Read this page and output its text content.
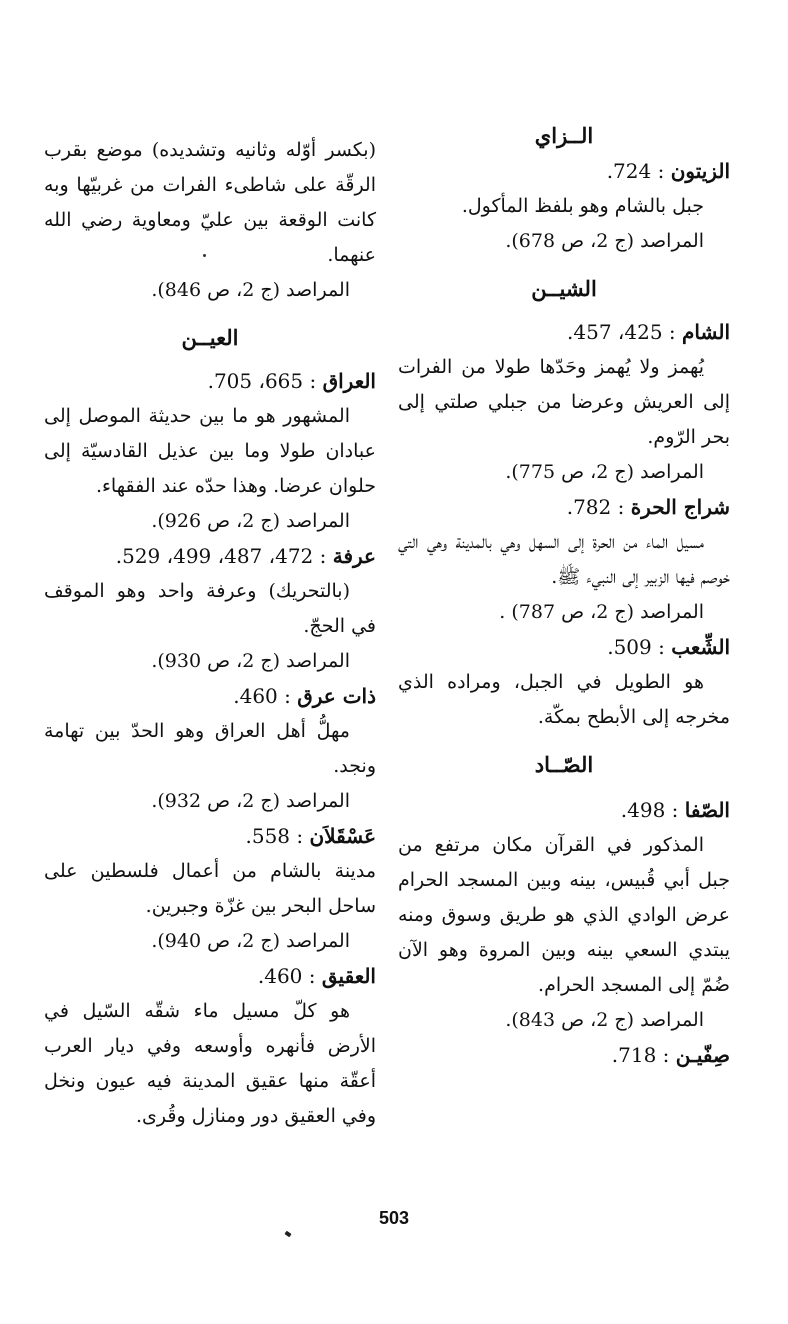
الــزاي
الزيتون : 724.

جبل بالشام وهو بلفظ المأكول.

المراصد (ج 2، ص 678).
الشيــن
الشام : 425، 457.

يُهمز ولا يُهمز وحَدّها طولا من الفرات إلى العريش وعرضا من جبلي صلتي إلى بحر الرّوم.

المراصد (ج 2، ص 775).
شراج الحرة : 782.

مسيل الماء من الحرة إلى السهل وهي بالمدينة وهي التي خوصم فيها الزبير إلى النبيء ﷺ.

المراصد (ج 2، ص 787) .
الشِّعب : 509.

هو الطويل في الجبل، ومراده الذي مخرجه إلى الأبطح بمكّة.

الصّــاد
الصّفا : 498.

المذكور في القرآن مكان مرتفع من جبل أبي قُبيس، بينه وبين المسجد الحرام عرض الوادي الذي هو طريق وسوق ومنه يبتدي السعي بينه وبين المروة وهو الآن ضُمّ إلى المسجد الحرام.

المراصد (ج 2، ص 843).
صِفّيـن : 718.

(بكسر أوّله وثانيه وتشديده) موضع بقرب الرقّة على شاطىء الفرات من غربيّها وبه كانت الوقعة بين عليّ ومعاوية رضي الله عنهما.

المراصد (ج 2، ص 846).
العيــن
العراق : 665، 705.

المشهور هو ما بين حديثة الموصل إلى عبادان طولا وما بين عذيل القادسيّة إلى حلوان عرضا. وهذا حدّه عند الفقهاء.

المراصد (ج 2، ص 926).
عرفة : 472، 487، 499، 529.

(بالتحريك) وعرفة واحد وهو الموقف في الحجّ.

المراصد (ج 2، ص 930).
ذات عرق : 460.

مهلُّ أهل العراق وهو الحدّ بين تهامة ونجد.

المراصد (ج 2، ص 932).
عَسْقَلاَن : 558.

مدينة بالشام من أعمال فلسطين على ساحل البحر بين غزّة وجبرين.

المراصد (ج 2، ص 940).
العقيق : 460.

هو كلّ مسيل ماء شقّه السّيل في الأرض فأنهره وأوسعه وفي ديار العرب أعقّة منها عقيق المدينة فيه عيون ونخل وفي العقيق دور ومنازل وقُرى.

503
